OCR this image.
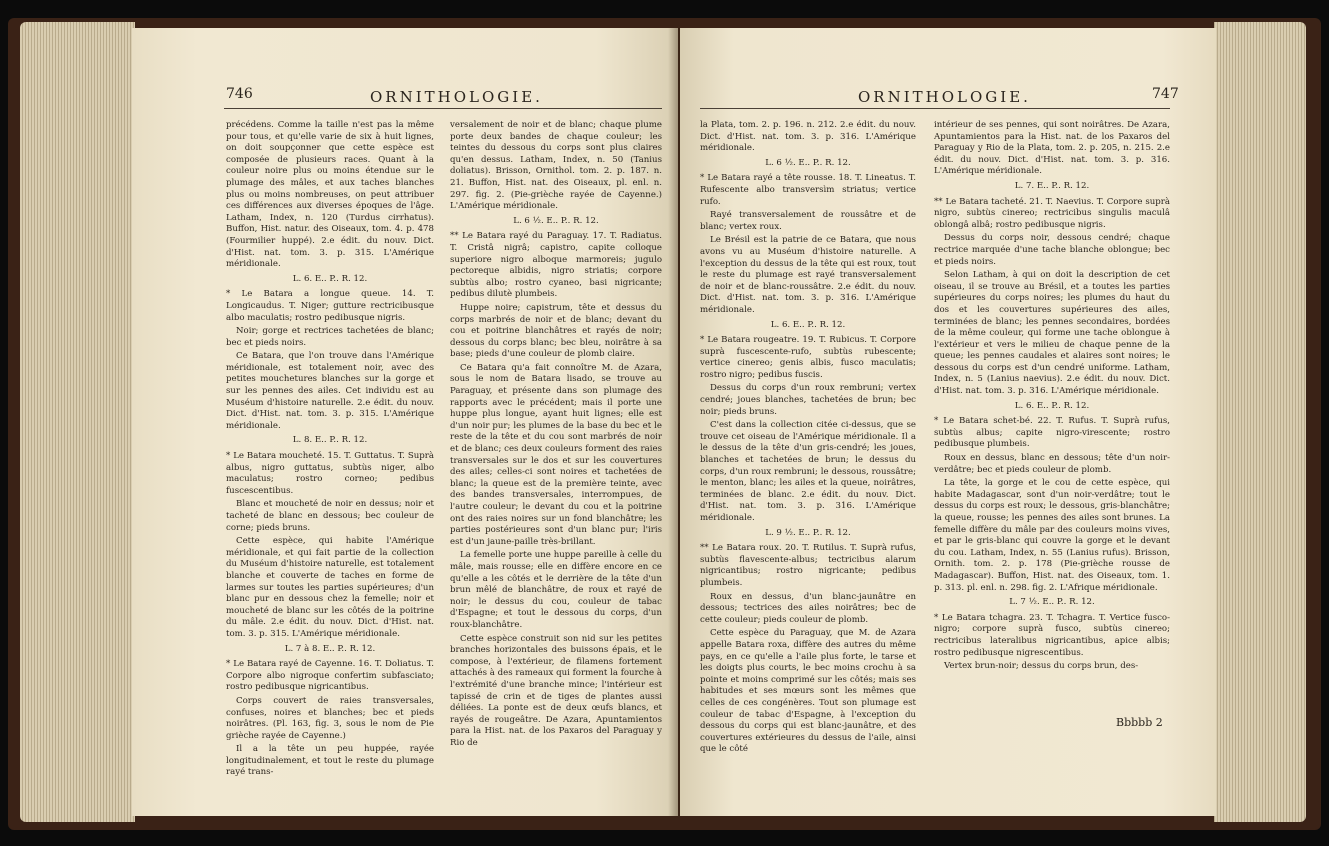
746	ORNITHOLOGIE.

précédens. Comme la taille n'est pas la même pour tous, et qu'elle varie de six à huit lignes, on doit soupçonner que cette espèce est composée de plusieurs races. Quant à la couleur noire plus ou moins étendue sur le plumage des mâles, et aux taches blanches plus ou moins nombreuses, on peut attribuer ces différences aux diverses époques de l'âge. Latham, Index, n. 120 (Turdus cirrhatus). Buffon, Hist. natur. des Oiseaux, tom. 4. p. 478 (Fourmilier huppé). 2.e édit. du nouv. Dict. d'Hist. nat. tom. 3. p. 315. L'Amérique méridionale.

L. 6. E.. P.. R. 12.

* Le Batara a longue queue. 14. T. Longicaudus. T. Niger; gutture rectricibusque albo maculatis; rostro pedibusque nigris.

Noir; gorge et rectrices tachetées de blanc; bec et pieds noirs.

Ce Batara, que l'on trouve dans l'Amérique méridionale, est totalement noir, avec des petites mouchetures blanches sur la gorge et sur les pennes des ailes. Cet individu est au Muséum d'histoire naturelle. 2.e édit. du nouv. Dict. d'Hist. nat. tom. 3. p. 315. L'Amérique méridionale.

L. 8. E.. P.. R. 12.

* Le Batara moucheté. 15. T. Guttatus. T. Suprà albus, nigro guttatus, subtùs niger, albo maculatus; rostro corneo; pedibus fuscescentibus.

Blanc et moucheté de noir en dessus; noir et tacheté de blanc en dessous; bec couleur de corne; pieds bruns.

Cette espèce, qui habite l'Amérique méridionale, et qui fait partie de la collection du Muséum d'histoire naturelle, est totalement blanche et couverte de taches en forme de larmes sur toutes les parties supérieures; d'un blanc pur en dessous chez la femelle; noir et moucheté de blanc sur les côtés de la poitrine du mâle. 2.e édit. du nouv. Dict. d'Hist. nat. tom. 3. p. 315. L'Amérique méridionale.

L. 7 à 8. E.. P.. R. 12.

* Le Batara rayé de Cayenne. 16. T. Doliatus. T. Corpore albo nigroque confertim subfasciato; rostro pedibusque nigricantibus.

Corps couvert de raies transversales, confuses, noires et blanches; bec et pieds noirâtres. (Pl. 163, fig. 3, sous le nom de Pie grièche rayée de Cayenne.)

Il a la tête un peu huppée, rayée longitudinalement, et tout le reste du plumage rayé trans-

versalement de noir et de blanc; chaque plume porte deux bandes de chaque couleur; les teintes du dessous du corps sont plus claires qu'en dessus. Latham, Index, n. 50 (Tanius doliatus). Brisson, Ornithol. tom. 2. p. 187. n. 21. Buffon, Hist. nat. des Oiseaux, pl. enl. n. 297. fig. 2. (Pie-grièche rayée de Cayenne.) L'Amérique méridionale.

L. 6 ½. E.. P.. R. 12.

** Le Batara rayé du Paraguay. 17. T. Radiatus. T. Cristâ nigrâ; capistro, capite colloque superiore nigro alboque marmoreis; jugulo pectoreque albidis, nigro striatis; corpore subtùs albo; rostro cyaneo, basi nigricante; pedibus dilutè plumbeis.

Huppe noire; capistrum, tête et dessus du corps marbrés de noir et de blanc; devant du cou et poitrine blanchâtres et rayés de noir; dessous du corps blanc; bec bleu, noirâtre à sa base; pieds d'une couleur de plomb claire.

Ce Batara qu'a fait connoître M. de Azara, sous le nom de Batara lisado, se trouve au Paraguay, et présente dans son plumage des rapports avec le précédent; mais il porte une huppe plus longue, ayant huit lignes; elle est d'un noir pur; les plumes de la base du bec et le reste de la tête et du cou sont marbrés de noir et de blanc; ces deux couleurs forment des raies transversales sur le dos et sur les couvertures des ailes; celles-ci sont noires et tachetées de blanc; la queue est de la première teinte, avec des bandes transversales, interrompues, de l'autre couleur; le devant du cou et la poitrine ont des raies noires sur un fond blanchâtre; les parties postérieures sont d'un blanc pur; l'iris est d'un jaune-paille très-brillant.

La femelle porte une huppe pareille à celle du mâle, mais rousse; elle en diffère encore en ce qu'elle a les côtés et le derrière de la tête d'un brun mêlé de blanchâtre, de roux et rayé de noir; le dessus du cou, couleur de tabac d'Espagne; et tout le dessous du corps, d'un roux-blanchâtre.

Cette espèce construit son nid sur les petites branches horizontales des buissons épais, et le compose, à l'extérieur, de filamens fortement attachés à des rameaux qui forment la fourche à l'extrémité d'une branche mince; l'intérieur est tapissé de crin et de tiges de plantes aussi déliées. La ponte est de deux œufs blancs, et rayés de rougeâtre. De Azara, Apuntamientos para la Hist. nat. de los Paxaros del Paraguay y Rio de

ORNITHOLOGIE.	747

la Plata, tom. 2. p. 196. n. 212. 2.e édit. du nouv. Dict. d'Hist. nat. tom. 3. p. 316. L'Amérique méridionale.

L. 6 ½. E.. P.. R. 12.

* Le Batara rayé a tête rousse. 18. T. Lineatus. T. Rufescente albo transversìm striatus; vertice rufo.

Rayé transversalement de roussâtre et de blanc; vertex roux.

Le Brésil est la patrie de ce Batara, que nous avons vu au Muséum d'histoire naturelle. A l'exception du dessus de la tête qui est roux, tout le reste du plumage est rayé transversalement de noir et de blanc-roussâtre. 2.e édit. du nouv. Dict. d'Hist. nat. tom. 3. p. 316. L'Amérique méridionale.

L. 6. E.. P.. R. 12.

* Le Batara rougeatre. 19. T. Rubicus. T. Corpore suprà fuscescente-rufo, subtùs rubescente; vertice cinereo; genis albis, fusco maculatis; rostro nigro; pedibus fuscis.

Dessus du corps d'un roux rembruni; vertex cendré; joues blanches, tachetées de brun; bec noir; pieds bruns.

C'est dans la collection citée ci-dessus, que se trouve cet oiseau de l'Amérique méridionale. Il a le dessus de la tête d'un gris-cendré; les joues, blanches et tachetées de brun; le dessus du corps, d'un roux rembruni; le dessous, roussâtre; le menton, blanc; les ailes et la queue, noirâtres, terminées de blanc. 2.e édit. du nouv. Dict. d'Hist. nat. tom. 3. p. 316. L'Amérique méridionale.

L. 9 ½. E.. P.. R. 12.

** Le Batara roux. 20. T. Rutilus. T. Suprà rufus, subtùs flavescente-albus; tectricibus alarum nigricantibus; rostro nigricante; pedibus plumbeis.

Roux en dessus, d'un blanc-jaunâtre en dessous; tectrices des ailes noirâtres; bec de cette couleur; pieds couleur de plomb.

Cette espèce du Paraguay, que M. de Azara appelle Batara roxa, diffère des autres du même pays, en ce qu'elle a l'aile plus forte, le tarse et les doigts plus courts, le bec moins crochu à sa pointe et moins comprimé sur les côtés; mais ses habitudes et ses mœurs sont les mêmes que celles de ces congénères. Tout son plumage est couleur de tabac d'Espagne, à l'exception du dessous du corps qui est blanc-jaunâtre, et des couvertures extérieures du dessus de l'aile, ainsi que le côté

intérieur de ses pennes, qui sont noirâtres. De Azara, Apuntamientos para la Hist. nat. de los Paxaros del Paraguay y Rio de la Plata, tom. 2. p. 205, n. 215. 2.e édit. du nouv. Dict. d'Hist. nat. tom. 3. p. 316. L'Amérique méridionale.

L. 7. E.. P.. R. 12.

** Le Batara tacheté. 21. T. Naevius. T. Corpore suprà nigro, subtùs cinereo; rectricibus singulis maculâ oblongâ albâ; rostro pedibusque nigris.

Dessus du corps noir, dessous cendré; chaque rectrice marquée d'une tache blanche oblongue; bec et pieds noirs.

Selon Latham, à qui on doit la description de cet oiseau, il se trouve au Brésil, et a toutes les parties supérieures du corps noires; les plumes du haut du dos et les couvertures supérieures des ailes, terminées de blanc; les pennes secondaires, bordées de la même couleur, qui forme une tache oblongue à l'extérieur et vers le milieu de chaque penne de la queue; les pennes caudales et alaires sont noires; le dessous du corps est d'un cendré uniforme. Latham, Index, n. 5 (Lanius naevius). 2.e édit. du nouv. Dict. d'Hist. nat. tom. 3. p. 316. L'Amérique méridionale.

L. 6. E.. P.. R. 12.

* Le Batara schet-bé. 22. T. Rufus. T. Suprà rufus, subtùs albus; capite nigro-virescente; rostro pedibusque plumbeis.

Roux en dessus, blanc en dessous; tête d'un noir-verdâtre; bec et pieds couleur de plomb.

La tête, la gorge et le cou de cette espèce, qui habite Madagascar, sont d'un noir-verdâtre; tout le dessus du corps est roux; le dessous, gris-blanchâtre; la queue, rousse; les pennes des ailes sont brunes. La femelle diffère du mâle par des couleurs moins vives, et par le gris-blanc qui couvre la gorge et le devant du cou. Latham, Index, n. 55 (Lanius rufus). Brisson, Ornith. tom. 2. p. 178 (Pie-grièche rousse de Madagascar). Buffon, Hist. nat. des Oiseaux, tom. 1. p. 313. pl. enl. n. 298. fig. 2. L'Afrique méridionale.

L. 7 ½. E.. P.. R. 12.

* Le Batara tchagra. 23. T. Tchagra. T. Vertice fusco-nigro; corpore suprà fusco, subtùs cinereo; rectricibus lateralibus nigricantibus, apice albis; rostro pedibusque nigrescentibus.

Vertex brun-noir; dessus du corps brun, des-

Bbbbb 2
